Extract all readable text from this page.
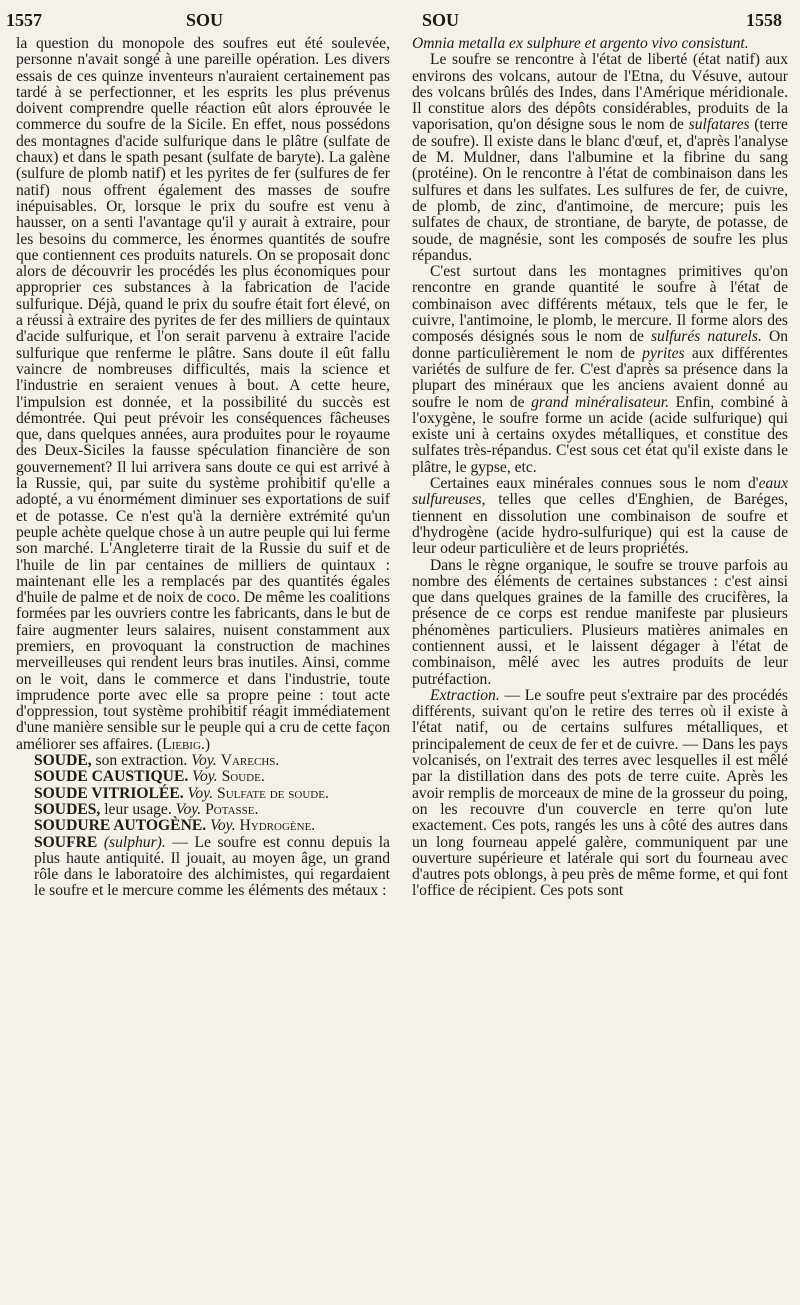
1557	SOU	SOU	1558

la question du monopole des soufres eut été soulevée, personne n'avait songé à une pareille opération. Les divers essais de ces quinze inventeurs n'auraient certainement pas tardé à se perfectionner, et les esprits les plus prévenus doivent comprendre quelle réaction eût alors éprouvée le commerce du soufre de la Sicile. En effet, nous possédons des montagnes d'acide sulfurique dans le plâtre (sulfate de chaux) et dans le spath pesant (sulfate de baryte). La galène (sulfure de plomb natif) et les pyrites de fer (sulfures de fer natif) nous offrent également des masses de soufre inépuisables. Or, lorsque le prix du soufre est venu à hausser, on a senti l'avantage qu'il y aurait à extraire, pour les besoins du commerce, les énormes quantités de soufre que contiennent ces produits naturels. On se proposait donc alors de découvrir les procédés les plus économiques pour approprier ces substances à la fabrication de l'acide sulfurique. Déjà, quand le prix du soufre était fort élevé, on a réussi à extraire des pyrites de fer des milliers de quintaux d'acide sulfurique, et l'on serait parvenu à extraire l'acide sulfurique que renferme le plâtre. Sans doute il eût fallu vaincre de nombreuses difficultés, mais la science et l'industrie en seraient venues à bout. A cette heure, l'impulsion est donnée, et la possibilité du succès est démontrée. Qui peut prévoir les conséquences fâcheuses que, dans quelques années, aura produites pour le royaume des Deux-Siciles la fausse spéculation financière de son gouvernement? Il lui arrivera sans doute ce qui est arrivé à la Russie, qui, par suite du système prohibitif qu'elle a adopté, a vu énormément diminuer ses exportations de suif et de potasse. Ce n'est qu'à la dernière extrémité qu'un peuple achète quelque chose à un autre peuple qui lui ferme son marché. L'Angleterre tirait de la Russie du suif et de l'huile de lin par centaines de milliers de quintaux : maintenant elle les a remplacés par des quantités égales d'huile de palme et de noix de coco. De même les coalitions formées par les ouvriers contre les fabricants, dans le but de faire augmenter leurs salaires, nuisent constamment aux premiers, en provoquant la construction de machines merveilleuses qui rendent leurs bras inutiles. Ainsi, comme on le voit, dans le commerce et dans l'industrie, toute imprudence porte avec elle sa propre peine : tout acte d'oppression, tout système prohibitif réagit immédiatement d'une manière sensible sur le peuple qui a cru de cette façon améliorer ses affaires. (Liebig.)

SOUDE, son extraction. Voy. Varechs.

SOUDE CAUSTIQUE. Voy. Soude.

SOUDE VITRIOLÉE. Voy. Sulfate de soude.

SOUDES, leur usage. Voy. Potasse.

SOUDURE AUTOGÈNE. Voy. Hydrogène.

SOUFRE (sulphur). — Le soufre est connu depuis la plus haute antiquité. Il jouait, au moyen âge, un grand rôle dans le laboratoire des alchimistes, qui regardaient le soufre et le mercure comme les éléments des métaux :

Omnia metalla ex sulphure et argento vivo consistunt.

Le soufre se rencontre à l'état de liberté (état natif) aux environs des volcans, autour de l'Etna, du Vésuve, autour des volcans brûlés des Indes, dans l'Amérique méridionale. Il constitue alors des dépôts considérables, produits de la vaporisation, qu'on désigne sous le nom de sulfatares (terre de soufre). Il existe dans le blanc d'œuf, et, d'après l'analyse de M. Muldner, dans l'albumine et la fibrine du sang (protéine). On le rencontre à l'état de combinaison dans les sulfures et dans les sulfates. Les sulfures de fer, de cuivre, de plomb, de zinc, d'antimoine, de mercure; puis les sulfates de chaux, de strontiane, de baryte, de potasse, de soude, de magnésie, sont les composés de soufre les plus répandus.

C'est surtout dans les montagnes primitives qu'on rencontre en grande quantité le soufre à l'état de combinaison avec différents métaux, tels que le fer, le cuivre, l'antimoine, le plomb, le mercure. Il forme alors des composés désignés sous le nom de sulfurés naturels. On donne particulièrement le nom de pyrites aux différentes variétés de sulfure de fer. C'est d'après sa présence dans la plupart des minéraux que les anciens avaient donné au soufre le nom de grand minéralisateur. Enfin, combiné à l'oxygène, le soufre forme un acide (acide sulfurique) qui existe uni à certains oxydes métalliques, et constitue des sulfates très-répandus. C'est sous cet état qu'il existe dans le plâtre, le gypse, etc.

Certaines eaux minérales connues sous le nom d'eaux sulfureuses, telles que celles d'Enghien, de Baréges, tiennent en dissolution une combinaison de soufre et d'hydrogène (acide hydro-sulfurique) qui est la cause de leur odeur particulière et de leurs propriétés.

Dans le règne organique, le soufre se trouve parfois au nombre des éléments de certaines substances : c'est ainsi que dans quelques graines de la famille des crucifères, la présence de ce corps est rendue manifeste par plusieurs phénomènes particuliers. Plusieurs matières animales en contiennent aussi, et le laissent dégager à l'état de combinaison, mêlé avec les autres produits de leur putréfaction.

Extraction. — Le soufre peut s'extraire par des procédés différents, suivant qu'on le retire des terres où il existe à l'état natif, ou de certains sulfures métalliques, et principalement de ceux de fer et de cuivre. — Dans les pays volcanisés, on l'extrait des terres avec lesquelles il est mêlé par la distillation dans des pots de terre cuite. Après les avoir remplis de morceaux de mine de la grosseur du poing, on les recouvre d'un couvercle en terre qu'on lute exactement. Ces pots, rangés les uns à côté des autres dans un long fourneau appelé galère, communiquent par une ouverture supérieure et latérale qui sort du fourneau avec d'autres pots oblongs, à peu près de même forme, et qui font l'office de récipient. Ces pots sont
